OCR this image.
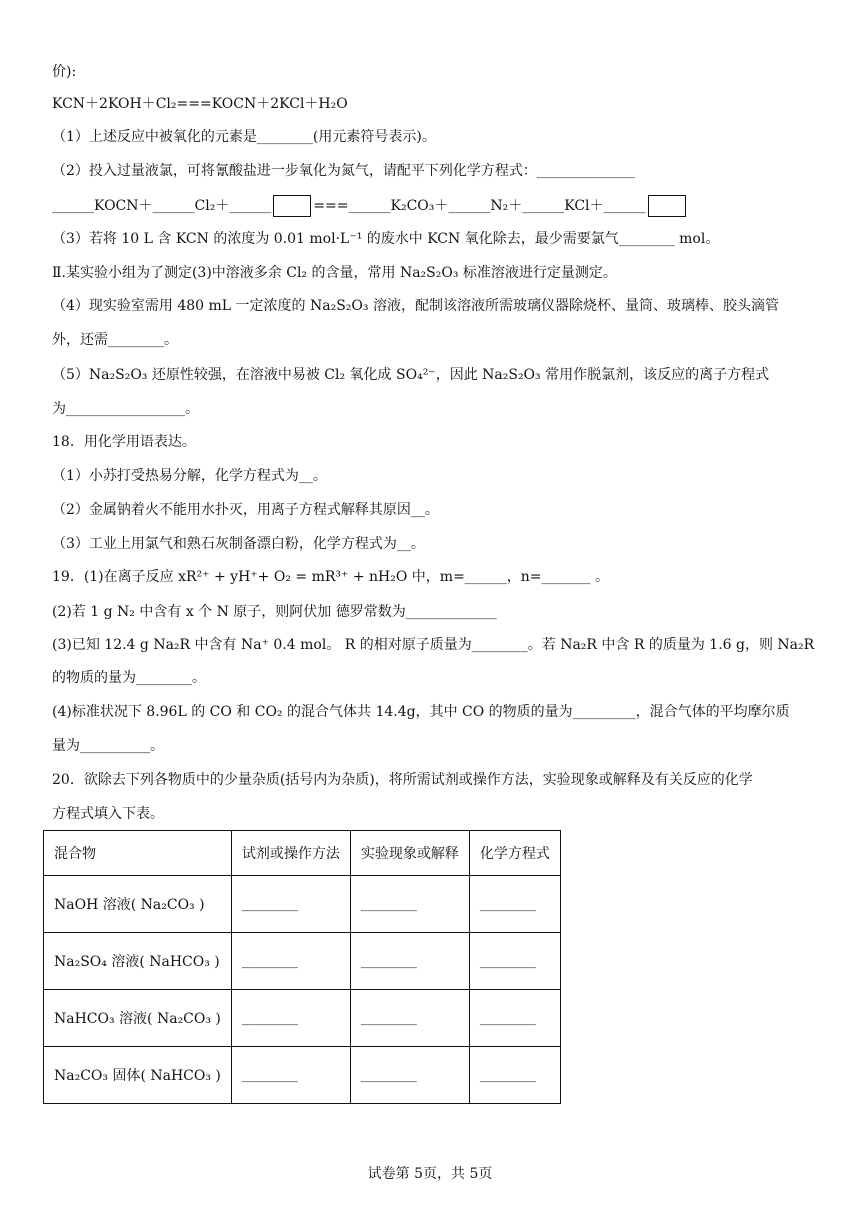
价):
KCN＋2KOH＋Cl₂===KOCN＋2KCl＋H₂O
（1）上述反应中被氧化的元素是________(用元素符号表示)。
（2）投入过量液氯，可将氰酸盐进一步氧化为氮气，请配平下列化学方程式：______________
______KOCN＋______Cl₂＋______	===______K₂CO₃＋______N₂＋______KCl＋______
（3）若将 10 L 含 KCN 的浓度为 0.01 mol·L⁻¹ 的废水中 KCN 氧化除去，最少需要氯气________ mol。
Ⅱ.某实验小组为了测定(3)中溶液多余 Cl₂ 的含量，常用 Na₂S₂O₃ 标准溶液进行定量测定。
（4）现实验室需用 480 mL 一定浓度的 Na₂S₂O₃ 溶液，配制该溶液所需玻璃仪器除烧杯、量筒、玻璃棒、胶头滴管
外，还需________。
（5）Na₂S₂O₃ 还原性较强，在溶液中易被 Cl₂ 氧化成 SO₄²⁻，因此 Na₂S₂O₃ 常用作脱氯剂，该反应的离子方程式
为_________________。
18．用化学用语表达。
（1）小苏打受热易分解，化学方程式为__。
（2）金属钠着火不能用水扑灭，用离子方程式解释其原因__。
（3）工业上用氯气和熟石灰制备漂白粉，化学方程式为__。
19．(1)在离子反应 xR²⁺ + yH⁺+ O₂ = mR³⁺ + nH₂O 中，m=______，n=_______ 。
(2)若 1 g N₂ 中含有 x 个 N 原子，则阿伏加 德罗常数为_____________
(3)已知 12.4 g Na₂R 中含有 Na⁺ 0.4 mol。 R 的相对原子质量为________。若 Na₂R 中含 R 的质量为 1.6 g，则 Na₂R
的物质的量为________。
(4)标准状况下 8.96L 的 CO 和 CO₂ 的混合气体共 14.4g，其中 CO 的物质的量为_________，混合气体的平均摩尔质
量为__________。
20．欲除去下列各物质中的少量杂质(括号内为杂质)，将所需试剂或操作方法，实验现象或解释及有关反应的化学
方程式填入下表。
混合物	试剂或操作方法	实验现象或解释	化学方程式
NaOH 溶液( Na₂CO₃ )	________	________	________
Na₂SO₄ 溶液( NaHCO₃ )	________	________	________
NaHCO₃ 溶液( Na₂CO₃ )	________	________	________
Na₂CO₃ 固体( NaHCO₃ )	________	________	________
试卷第 5页，共 5页
